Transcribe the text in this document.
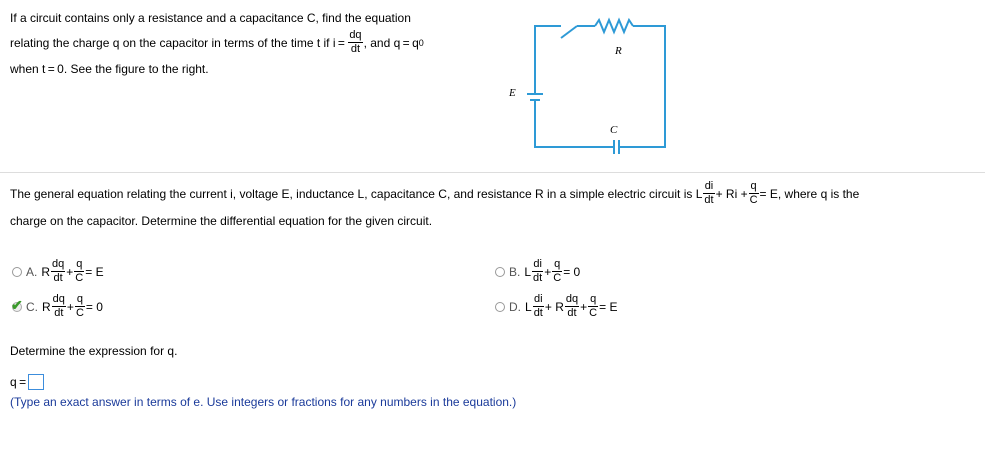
If a circuit contains only a resistance and a capacitance C, find the equation
relating the charge q on the capacitor in terms of the time t if $i = \frac{dq}{dt}$ , and q = q 0
when t = 0. See the figure to the right.
R
E
C
The general equation relating the current i, voltage E, inductance L, capacitance C, and resistance R in a simple electric circuit is L $\frac{di}{dt} + Ri + \frac{q}{C} = E$, where q is the
charge on the capacitor. Determine the differential equation for the given circuit.
A. R $\frac{dq}{dt} + \frac{q}{C} = E$	B. L $\frac{di}{dt} + \frac{q}{C} = 0$
✔ C. R $\frac{dq}{dt} + \frac{q}{C} = 0$	D. L $\frac{di}{dt} + R \frac{dq}{dt} + \frac{q}{C} = E$
Determine the expression for q.
q =
(Type an exact answer in terms of e. Use integers or fractions for any numbers in the equation.)
